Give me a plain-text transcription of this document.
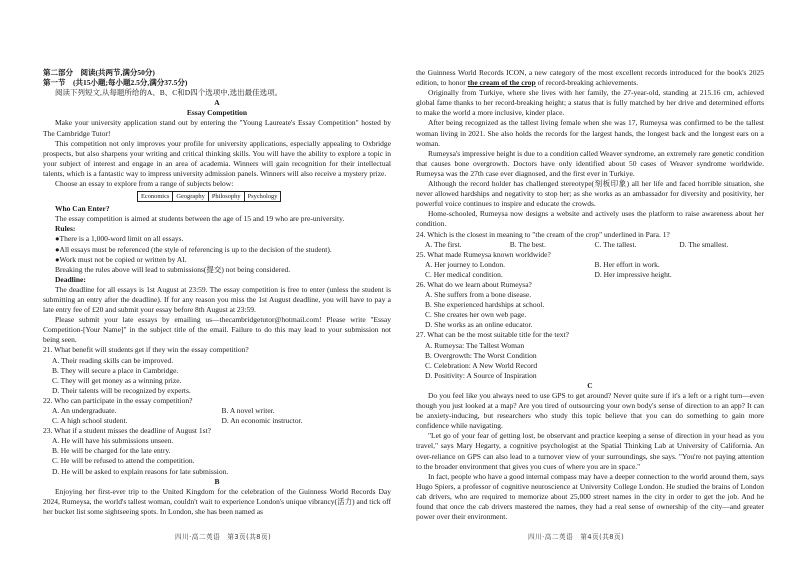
第二部分　阅读(共两节,满分50分)

第一节　(共15小题;每小题2.5分,满分37.5分)

阅读下列短文,从每题所给的A、B、C和D四个选项中,选出最佳选项。

A

Essay Competition

Make your university application stand out by entering the "Young Laureate's Essay Competition" hosted by The Cambridge Tutor!

This competition not only improves your profile for university applications, especially appealing to Oxbridge prospects, but also sharpens your writing and critical thinking skills. You will have the ability to explore a topic in your subject of interest and engage in an area of academia. Winners will gain recognition for their intellectual talents, which is a fantastic way to impress university admission panels. Winners will also receive a mystery prize.

Choose an essay to explore from a range of subjects below:

Economics	Geography	Philosophy	Psychology

Who Can Enter?

The essay competition is aimed at students between the age of 15 and 19 who are pre-university.

Rules:

●There is a 1,000-word limit on all essays.

●All essays must be referenced (the style of referencing is up to the decision of the student).

●Work must not be copied or written by AI.

Breaking the rules above will lead to submissions(提交) not being considered.

Deadline:

The deadline for all essays is 1st August at 23:59. The essay competition is free to enter (unless the student is submitting an entry after the deadline). If for any reason you miss the 1st August deadline, you will have to pay a late entry fee of £20 and submit your essay before 8th August at 23:59.

Please submit your late essays by emailing us—thecambridgetutor@hotmail.com! Please write "Essay Competition-[Your Name]" in the subject title of the email. Failure to do this may lead to your submission not being seen.

21. What benefit will students get if they win the essay competition?

A. Their reading skills can be improved.

B. They will secure a place in Cambridge.

C. They will get money as a winning prize.

D. Their talents will be recognized by experts.

22. Who can participate in the essay competition?

A. An undergraduate.	B. A novel writer.
C. A high school student.	D. An economic instructor.

23. What if a student misses the deadline of August 1st?

A. He will have his submissions unseen.

B. He will be charged for the late entry.

C. He will be refused to attend the competition.

D. He will be asked to explain reasons for late submission.

B

Enjoying her first-ever trip to the United Kingdom for the celebration of the Guinness World Records Day 2024, Rumeysa, the world's tallest woman, couldn't wait to experience London's unique vibrancy(活力) and tick off her bucket list some sightseeing spots. In London, she has been named as

the Guinness World Records ICON, a new category of the most excellent records introduced for the book's 2025 edition, to honor the cream of the crop of record-breaking achievements.

Originally from Turkiye, where she lives with her family, the 27-year-old, standing at 215.16 cm, achieved global fame thanks to her record-breaking height; a status that is fully matched by her drive and determined efforts to make the world a more inclusive, kinder place.

After being recognized as the tallest living female when she was 17, Rumeysa was confirmed to be the tallest woman living in 2021. She also holds the records for the largest hands, the longest back and the longest ears on a woman.

Rumeysa's impressive height is due to a condition called Weaver syndrome, an extremely rare genetic condition that causes bone overgrowth. Doctors have only identified about 50 cases of Weaver syndrome worldwide. Rumeysa was the 27th case ever diagnosed, and the first ever in Turkiye.

Although the record holder has challenged stereotype(刻板印象) all her life and faced horrible situation, she never allowed hardships and negativity to stop her; as she works as an ambassador for diversity and positivity, her powerful voice continues to inspire and educate the crowds.

Home-schooled, Rumeysa now designs a website and actively uses the platform to raise awareness about her condition.

24. Which is the closest in meaning to "the cream of the crop" underlined in Para. 1?

A. The first.	B. The best.	C. The tallest.	D. The smallest.

25. What made Rumeysa known worldwide?

A. Her journey to London.	B. Her effort in work.
C. Her medical condition.	D. Her impressive height.

26. What do we learn about Rumeysa?

A. She suffers from a bone disease.

B. She experienced hardships at school.

C. She creates her own web page.

D. She works as an online educator.

27. What can be the most suitable title for the text?

A. Rumeysa: The Tallest Woman

B. Overgrowth: The Worst Condition

C. Celebration: A New World Record

D. Positivity: A Source of Inspiration

C

Do you feel like you always need to use GPS to get around? Never quite sure if it's a left or a right turn—even though you just looked at a map? Are you tired of outsourcing your own body's sense of direction to an app? It can be anxiety-inducing, but researchers who study this topic believe that you can do something to gain more confidence while navigating.

"Let go of your fear of getting lost, be observant and practice keeping a sense of direction in your head as you travel," says Mary Hegarty, a cognitive psychologist at the Spatial Thinking Lab at University of California. An over-reliance on GPS can also lead to a turnover view of your surroundings, she says. "You're not paying attention to the broader environment that gives you cues of where you are in space."

In fact, people who have a good internal compass may have a deeper connection to the world around them, says Hugo Spiers, a professor of cognitive neuroscience at University College London. He studied the brains of London cab drivers, who are required to memorize about 25,000 street names in the city in order to get the job. And he found that once the cab drivers mastered the names, they had a real sense of ownership of the city—and greater power over their environment.

四川·高二英语　第3页(共8页)	四川·高二英语　第4页(共8页)
